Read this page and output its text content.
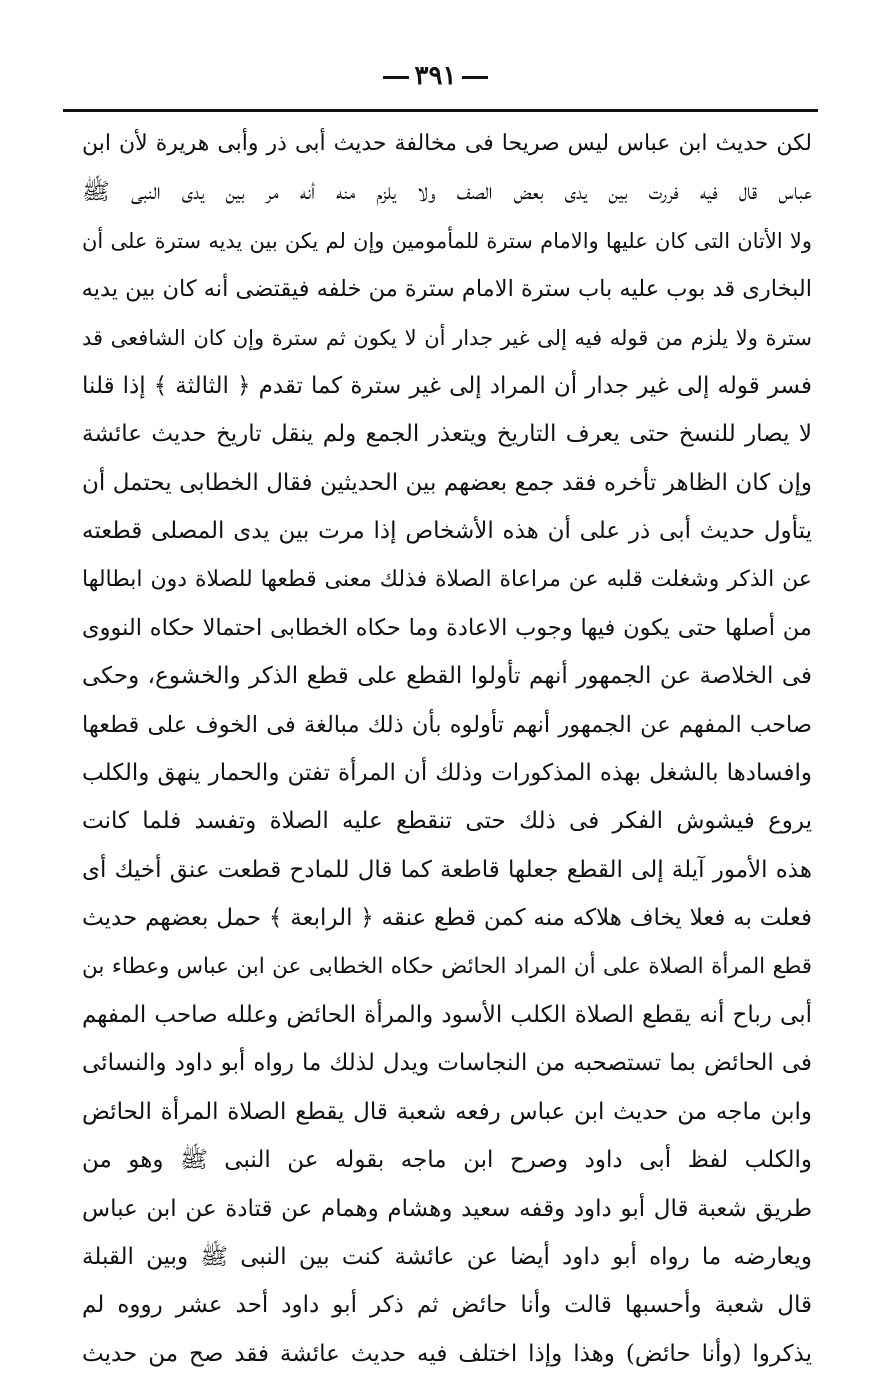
٣٩١
لكن حديث ابن عباس ليس صريحا فى مخالفة حديث أبى ذر وأبى هريرة لأن ابن
عباس قال فيه فررت بين يدى بعض الصف ولا يلزم منه أنه مر بين يدى النبى ﷺ
ولا الأتان التى كان عليها والامام سترة للمأمومين وإن لم يكن بين يديه سترة على أن
البخارى قد بوب عليه باب سترة الامام سترة من خلفه فيقتضى أنه كان بين يديه
سترة ولا يلزم من قوله فيه إلى غير جدار أن لا يكون ثم سترة وإن كان الشافعى قد
فسر قوله إلى غير جدار أن المراد إلى غير سترة كما تقدم ﴿ الثالثة ﴾ إذا قلنا
لا يصار للنسخ حتى يعرف التاريخ ويتعذر الجمع ولم ينقل تاريخ حديث عائشة
وإن كان الظاهر تأخره فقد جمع بعضهم بين الحديثين فقال الخطابى يحتمل أن
يتأول حديث أبى ذر على أن هذه الأشخاص إذا مرت بين يدى المصلى قطعته
عن الذكر وشغلت قلبه عن مراعاة الصلاة فذلك معنى قطعها للصلاة دون ابطالها
من أصلها حتى يكون فيها وجوب الاعادة وما حكاه الخطابى احتمالا حكاه النووى
فى الخلاصة عن الجمهور أنهم تأولوا القطع على قطع الذكر والخشوع، وحكى
صاحب المفهم عن الجمهور أنهم تأولوه بأن ذلك مبالغة فى الخوف على قطعها
وافسادها بالشغل بهذه المذكورات وذلك أن المرأة تفتن والحمار ينهق والكلب
يروع فيشوش الفكر فى ذلك حتى تنقطع عليه الصلاة وتفسد فلما كانت
هذه الأمور آيلة إلى القطع جعلها قاطعة كما قال للمادح قطعت عنق أخيك أى
فعلت به فعلا يخاف هلاكه منه كمن قطع عنقه ﴿ الرابعة ﴾ حمل بعضهم حديث
قطع المرأة الصلاة على أن المراد الحائض حكاه الخطابى عن ابن عباس وعطاء بن
أبى رباح أنه يقطع الصلاة الكلب الأسود والمرأة الحائض وعلله صاحب المفهم
فى الحائض بما تستصحبه من النجاسات ويدل لذلك ما رواه أبو داود والنسائى
وابن ماجه من حديث ابن عباس رفعه شعبة قال يقطع الصلاة المرأة الحائض
والكلب لفظ أبى داود وصرح ابن ماجه بقوله عن النبى ﷺ وهو من
طريق شعبة قال أبو داود وقفه سعيد وهشام وهمام عن قتادة عن ابن عباس
ويعارضه ما رواه أبو داود أيضا عن عائشة كنت بين النبى ﷺ وبين القبلة
قال شعبة وأحسبها قالت وأنا حائض ثم ذكر أبو داود أحد عشر رووه لم
يذكروا (وأنا حائض) وهذا وإذا اختلف فيه حديث عائشة فقد صح من حديث
